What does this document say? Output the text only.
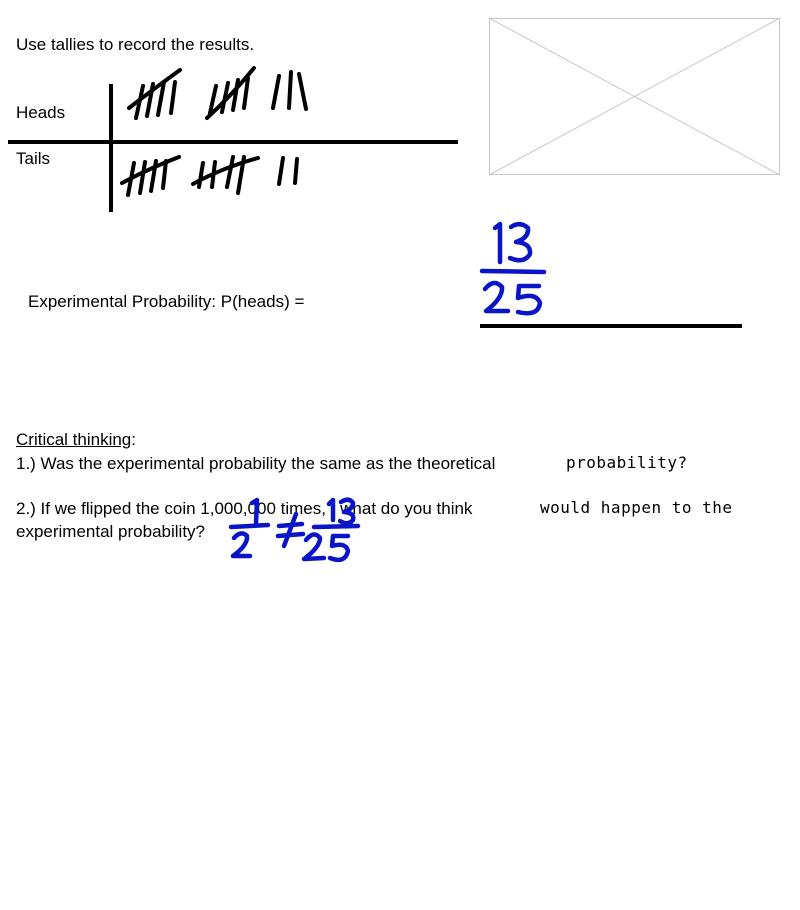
Use tallies to record the results.
Heads
Tails
Experimental Probability: P(heads) =
Critical thinking:
1.) Was the experimental probability the same as the theoretical	probability?
2.) If we flipped the coin 1,000,000 times, , what do you think	would happen to the
experimental probability?
